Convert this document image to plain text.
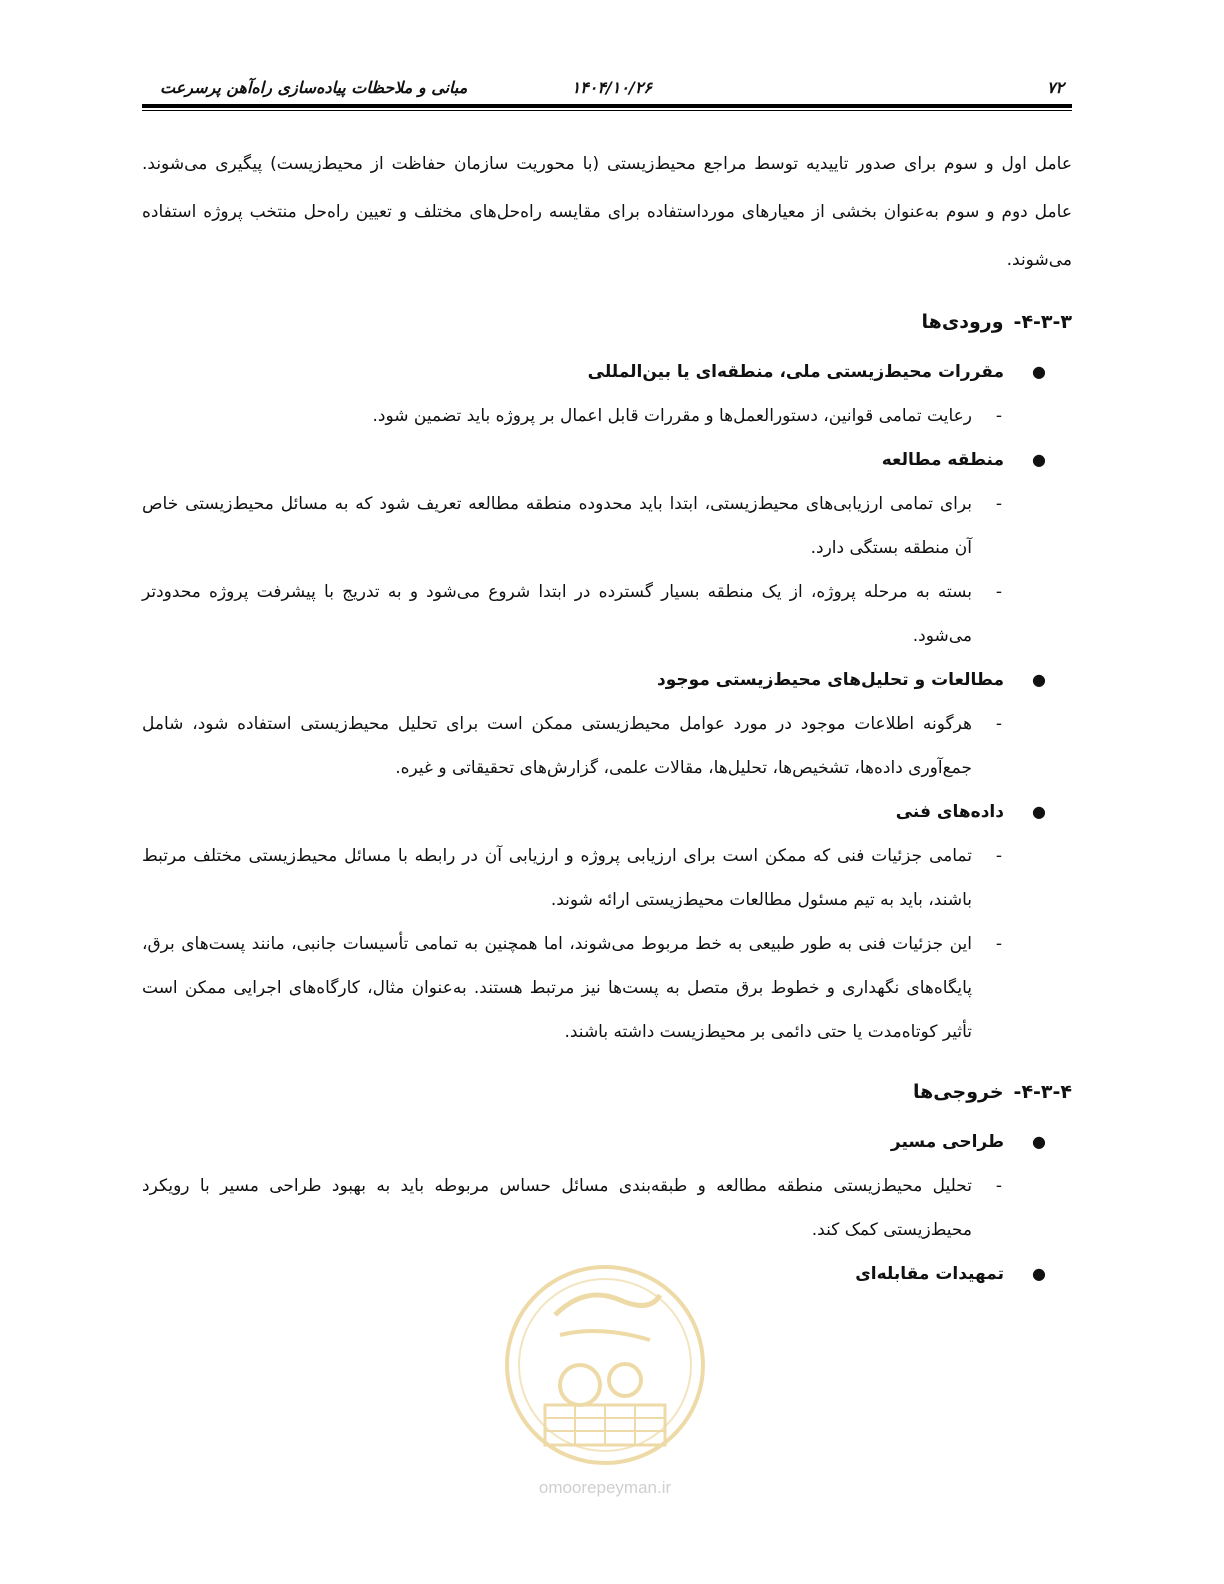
۷۲
۱۴۰۴/۱۰/۲۶
مبانی و ملاحظات پیاده‌سازی راه‌آهن پرسرعت

عامل اول و سوم برای صدور تاییدیه توسط مراجع محیط‌زیستی (با محوریت سازمان حفاظت از محیط‌زیست) پیگیری می‌شوند. عامل دوم و سوم به‌عنوان بخشی از معیارهای مورداستفاده برای مقایسه راه‌حل‌های مختلف و تعیین راه‌حل منتخب پروژه استفاده می‌شوند.

۴-۳-۳-ورودی‌ها
●
مقررات محیط‌زیستی ملی، منطقه‌ای یا بین‌المللی
-
رعایت تمامی قوانین، دستورالعمل‌ها و مقررات قابل اعمال بر پروژه باید تضمین شود.
●
منطقه مطالعه
-
برای تمامی ارزیابی‌های محیط‌زیستی، ابتدا باید محدوده منطقه مطالعه تعریف شود که به مسائل محیط‌زیستی خاص آن منطقه بستگی دارد.
-
بسته به مرحله پروژه، از یک منطقه بسیار گسترده در ابتدا شروع می‌شود و به تدریج با پیشرفت پروژه محدودتر می‌شود.
●
مطالعات و تحلیل‌های محیط‌زیستی موجود
-
هرگونه اطلاعات موجود در مورد عوامل محیط‌زیستی ممکن است برای تحلیل محیط‌زیستی استفاده شود، شامل جمع‌آوری داده‌ها، تشخیص‌ها، تحلیل‌ها، مقالات علمی، گزارش‌های تحقیقاتی و غیره.
●
داده‌های فنی
-
تمامی جزئیات فنی که ممکن است برای ارزیابی پروژه و ارزیابی آن در رابطه با مسائل محیط‌زیستی مختلف مرتبط باشند، باید به تیم مسئول مطالعات محیط‌زیستی ارائه شوند.
-
این جزئیات فنی به طور طبیعی به خط مربوط می‌شوند، اما همچنین به تمامی تأسیسات جانبی، مانند پست‌های برق، پایگاه‌های نگهداری و خطوط برق متصل به پست‌ها نیز مرتبط هستند. به‌عنوان مثال، کارگاه‌های اجرایی ممکن است تأثیر کوتاه‌مدت یا حتی دائمی بر محیط‌زیست داشته باشند.
۴-۳-۴-خروجی‌ها
●
طراحی مسیر
-
تحلیل محیط‌زیستی منطقه مطالعه و طبقه‌بندی مسائل حساس مربوطه باید به بهبود طراحی مسیر با رویکرد محیط‌زیستی کمک کند.
●
تمهیدات مقابله‌ای
omoorepeyman.ir
